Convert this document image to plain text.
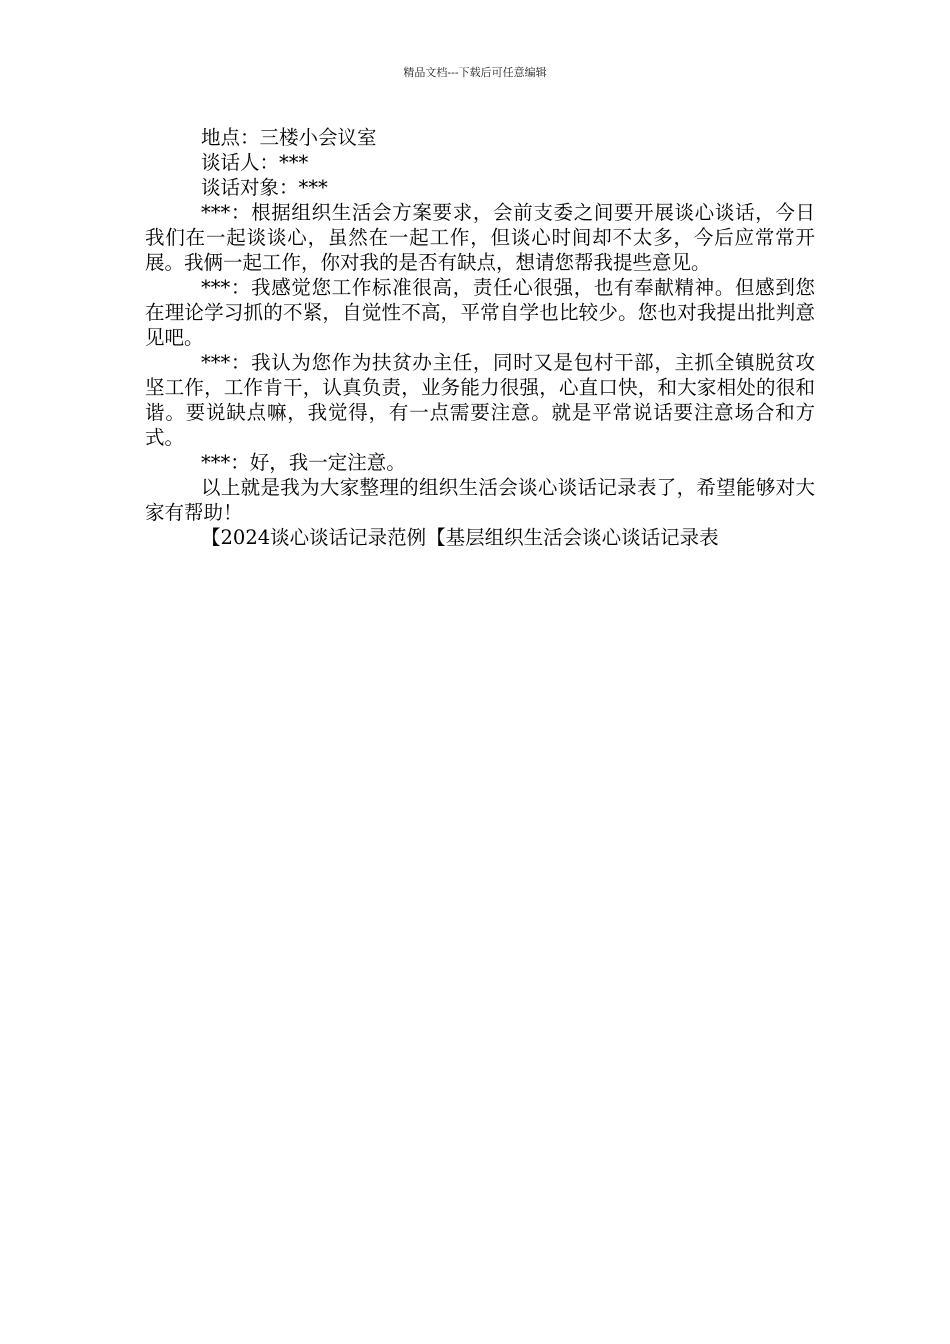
精品文档---下载后可任意编辑

地点：三楼小会议室

谈话人：***

谈话对象：***

***：根据组织生活会方案要求，会前支委之间要开展谈心谈话，今日我们在一起谈谈心，虽然在一起工作，但谈心时间却不太多，今后应常常开展。我俩一起工作，你对我的是否有缺点，想请您帮我提些意见。

***：我感觉您工作标准很高，责任心很强，也有奉献精神。但感到您在理论学习抓的不紧，自觉性不高，平常自学也比较少。您也对我提出批判意见吧。

***：我认为您作为扶贫办主任，同时又是包村干部，主抓全镇脱贫攻坚工作，工作肯干，认真负责，业务能力很强，心直口快，和大家相处的很和谐。要说缺点嘛，我觉得，有一点需要注意。就是平常说话要注意场合和方式。

***：好，我一定注意。

以上就是我为大家整理的组织生活会谈心谈话记录表了，希望能够对大家有帮助！

【2024谈心谈话记录范例【基层组织生活会谈心谈话记录表
